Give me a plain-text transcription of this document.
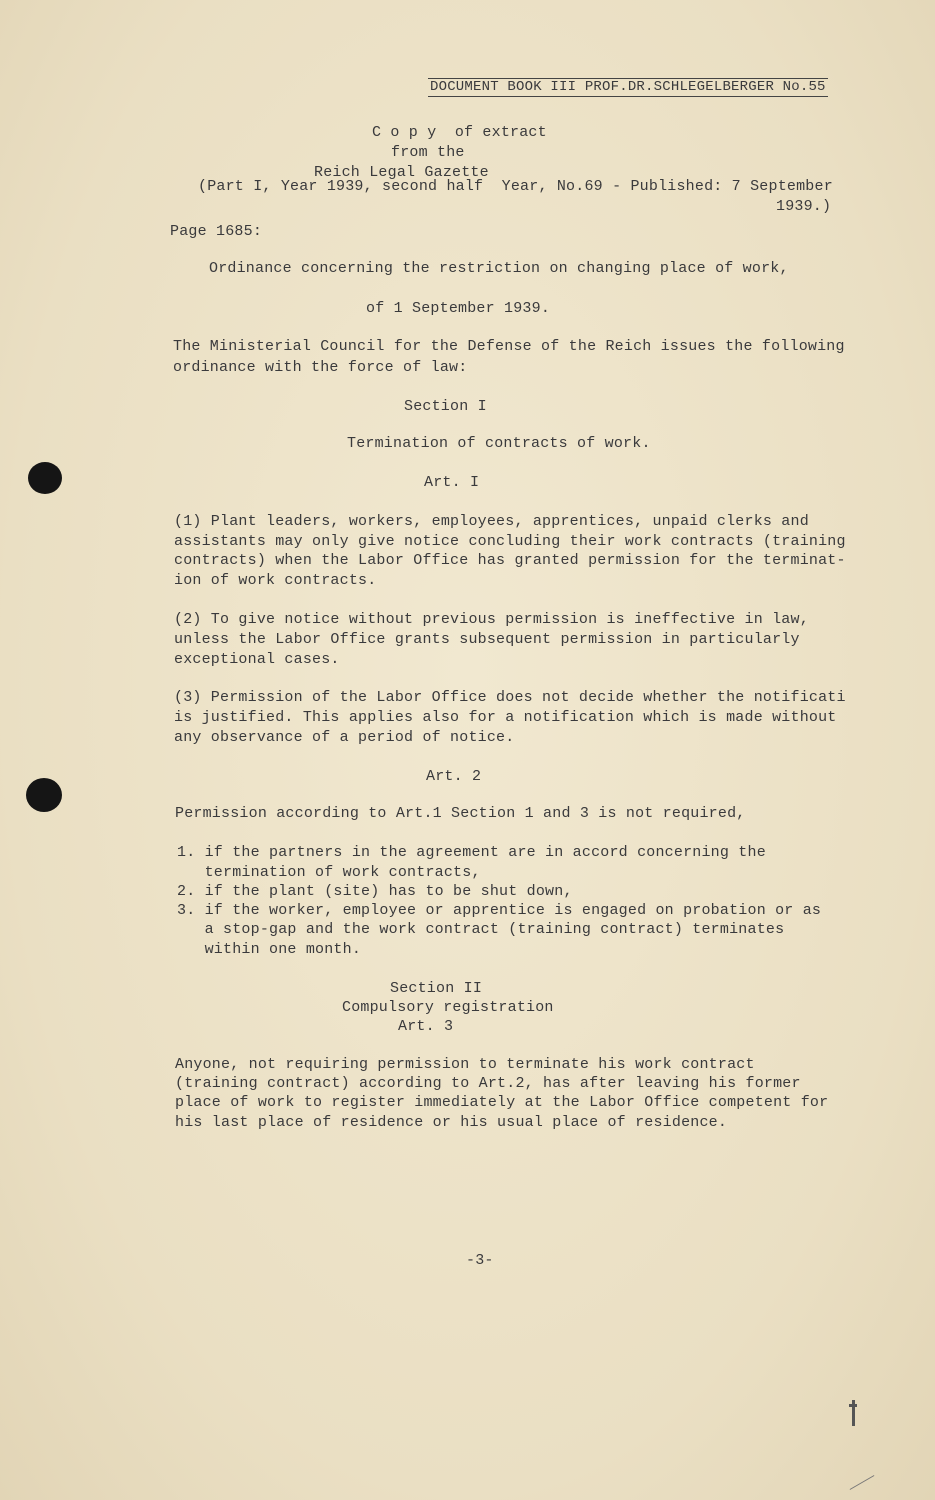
DOCUMENT BOOK III PROF.DR.SCHLEGELBERGER No.55
C o p y  of extract
from the
Reich Legal Gazette
(Part I, Year 1939, second half  Year, No.69 - Published: 7 September
1939.)
Page 1685:
Ordinance concerning the restriction on changing place of work,
of 1 September 1939.
The Ministerial Council for the Defense of the Reich issues the following
ordinance with the force of law:
Section I
Termination of contracts of work.
Art. I
(1) Plant leaders, workers, employees, apprentices, unpaid clerks and
assistants may only give notice concluding their work contracts (training
contracts) when the Labor Office has granted permission for the terminat-
ion of work contracts.
(2) To give notice without previous permission is ineffective in law,
unless the Labor Office grants subsequent permission in particularly
exceptional cases.
(3) Permission of the Labor Office does not decide whether the notificati
is justified. This applies also for a notification which is made without
any observance of a period of notice.
Art. 2
Permission according to Art.1 Section 1 and 3 is not required,
1. if the partners in the agreement are in accord concerning the
termination of work contracts,
2. if the plant (site) has to be shut down,
3. if the worker, employee or apprentice is engaged on probation or as
a stop-gap and the work contract (training contract) terminates
within one month.
Section II
Compulsory registration
Art. 3
Anyone, not requiring permission to terminate his work contract
(training contract) according to Art.2, has after leaving his former
place of work to register immediately at the Labor Office competent for
his last place of residence or his usual place of residence.
-3-
